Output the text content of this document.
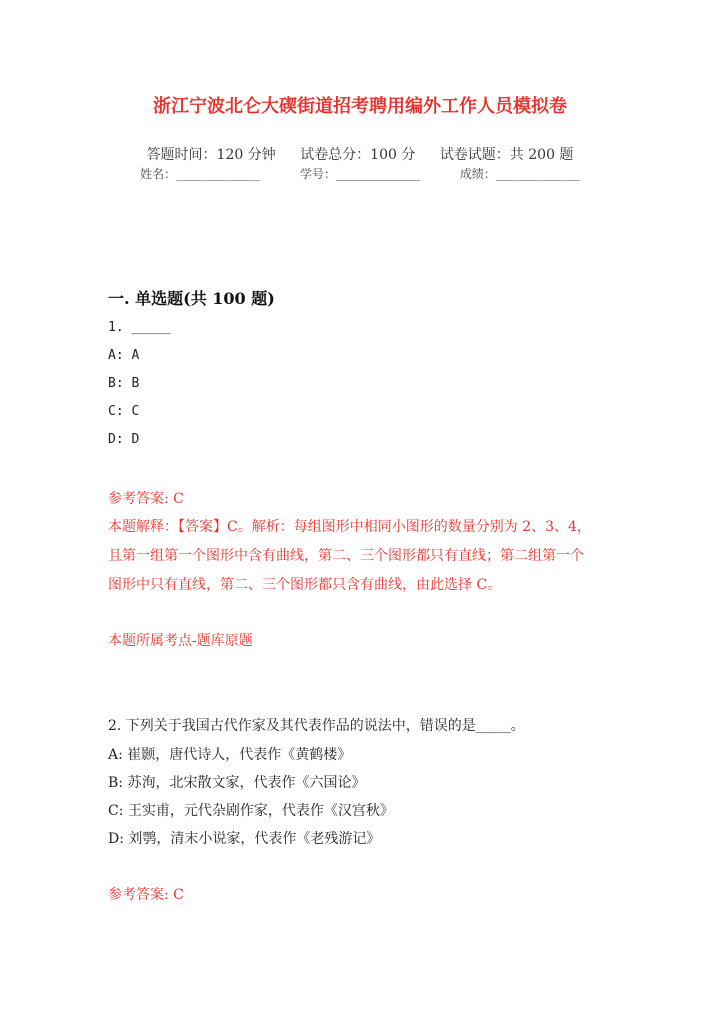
浙江宁波北仑大碶街道招考聘用编外工作人员模拟卷
答题时间：120 分钟 试卷总分：100 分 试卷试题：共 200 题
姓名：______________	学号：______________	成绩：______________
一. 单选题(共 100 题)
1. _____
A: A
B: B
C: C
D: D
参考答案: C
本题解释：【答案】C。解析：每组图形中相同小图形的数量分别为 2、3、4，
且第一组第一个图形中含有曲线，第二、三个图形都只有直线；第二组第一个
图形中只有直线，第二、三个图形都只含有曲线，由此选择 C。
本题所属考点-题库原题
2. 下列关于我国古代作家及其代表作品的说法中，错误的是_____。
A: 崔颢，唐代诗人，代表作《黄鹤楼》
B: 苏洵，北宋散文家，代表作《六国论》
C: 王实甫，元代杂剧作家，代表作《汉宫秋》
D: 刘鹗，清末小说家，代表作《老残游记》
参考答案: C
